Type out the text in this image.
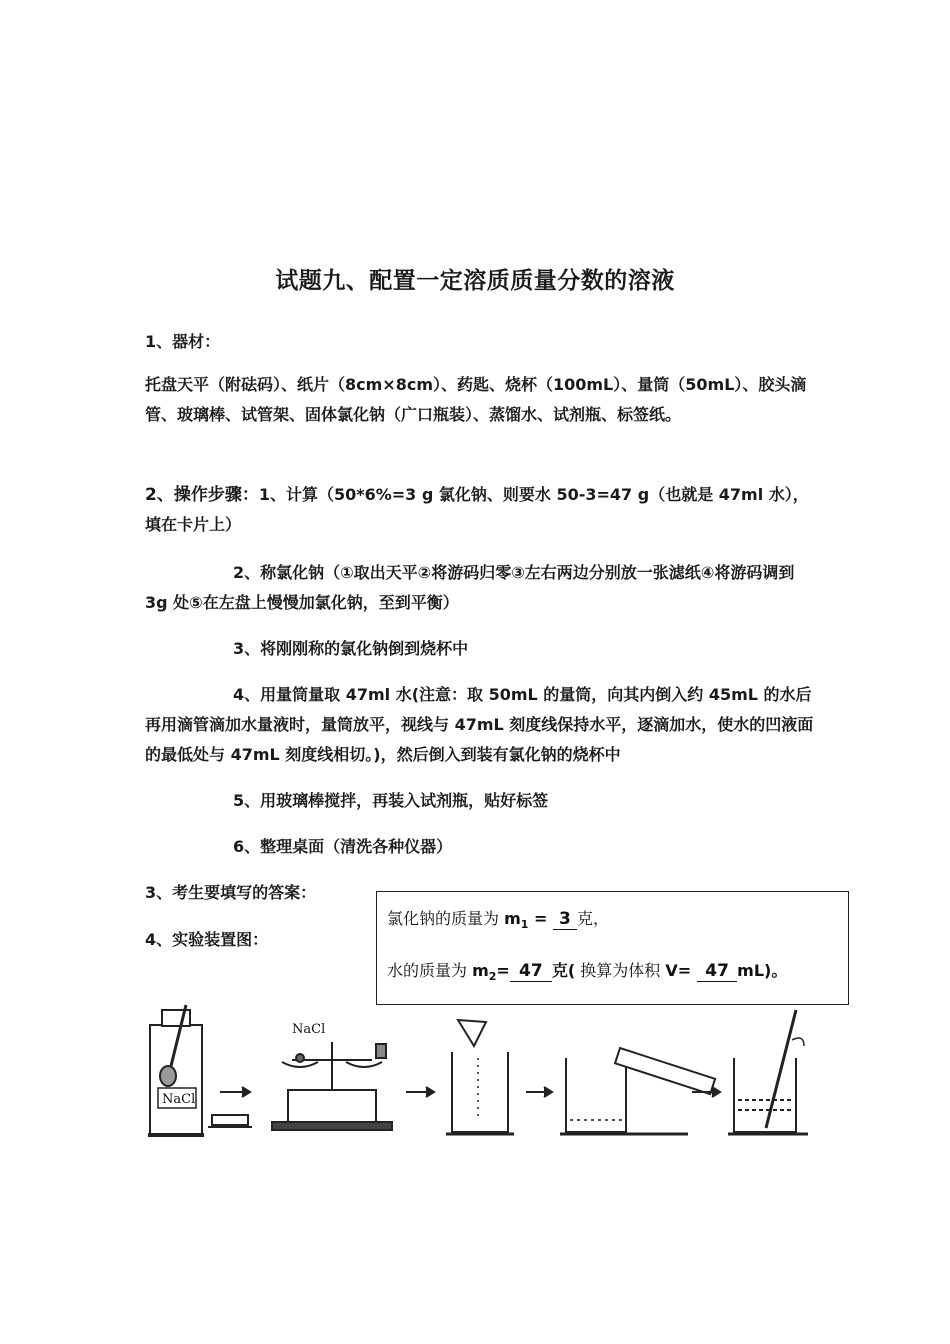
试题九、配置一定溶质质量分数的溶液
1、器材：
托盘天平（附砝码）、纸片（8cm×8cm）、药匙、烧杯（100mL）、量筒（50mL）、胶头滴管、玻璃棒、试管架、固体氯化钠（广口瓶装）、蒸馏水、试剂瓶、标签纸。
2、操作步骤：1、计算（50*6%=3 g 氯化钠、则要水 50-3=47 g（也就是 47ml 水），填在卡片上）
2、称氯化钠（①取出天平②将游码归零③左右两边分别放一张滤纸④将游码调到 3g 处⑤在左盘上慢慢加氯化钠，至到平衡）
3、将刚刚称的氯化钠倒到烧杯中
4、用量筒量取 47ml 水(注意：取 50mL 的量筒，向其内倒入约 45mL 的水后再用滴管滴加水量液时，量筒放平，视线与 47mL 刻度线保持水平，逐滴加水，使水的凹液面的最低处与 47mL 刻度线相切。)，然后倒入到装有氯化钠的烧杯中
5、用玻璃棒搅拌，再装入试剂瓶，贴好标签
6、整理桌面（清洗各种仪器）
3、考生要填写的答案：
4、实验装置图：
氯化钠的质量为 $m_1 = 3$ 克，
水的质量为 $m_2= 47$ 克( 换算为体积 V= 47 mL)。
NaCl
NaCl
